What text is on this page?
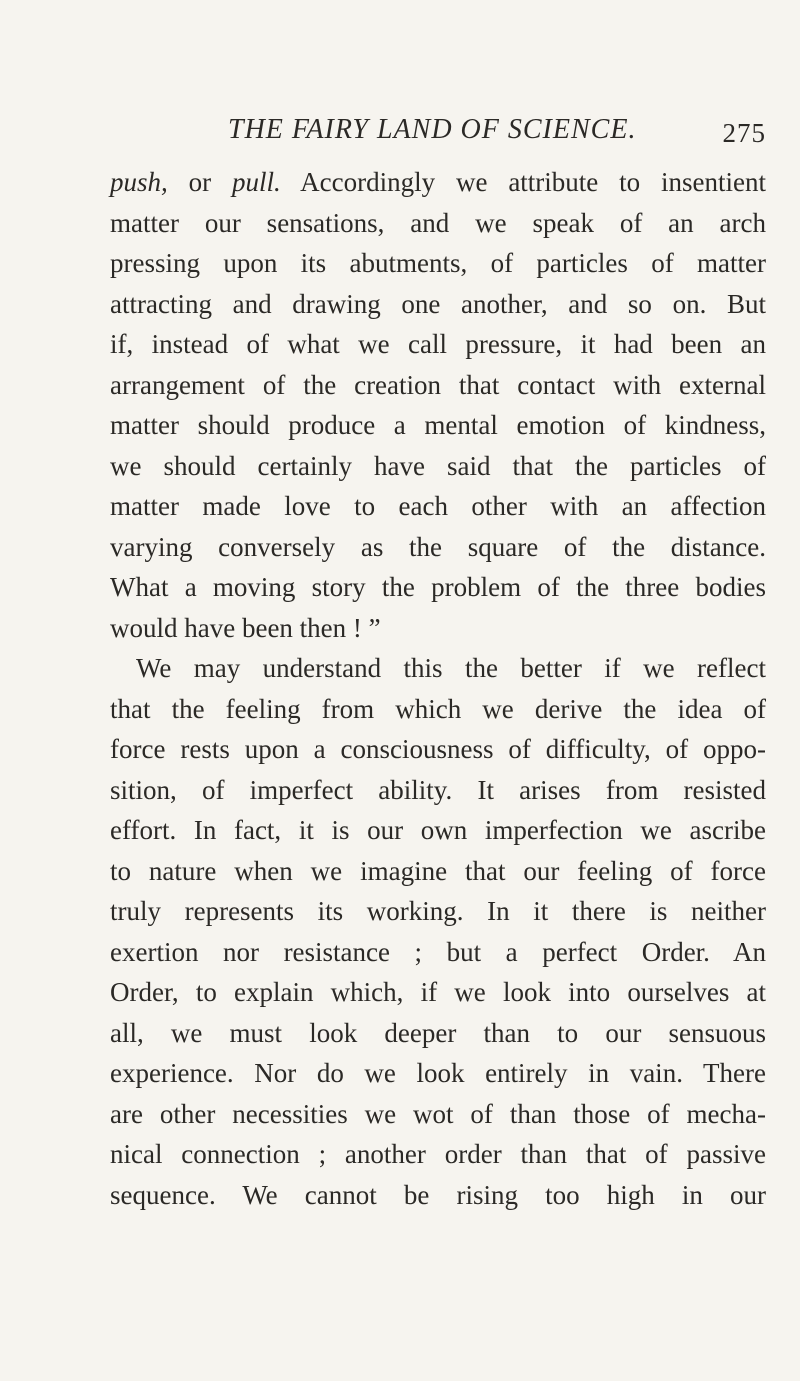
THE FAIRY LAND OF SCIENCE.	275
push, or pull. Accordingly we attribute to insentient
matter our sensations, and we speak of an arch
pressing upon its abutments, of particles of matter
attracting and drawing one another, and so on. But
if, instead of what we call pressure, it had been an
arrangement of the creation that contact with external
matter should produce a mental emotion of kindness,
we should certainly have said that the particles of
matter made love to each other with an affection
varying conversely as the square of the distance.
What a moving story the problem of the three bodies
would have been then ! ”
We may understand this the better if we reflect
that the feeling from which we derive the idea of
force rests upon a consciousness of difficulty, of oppo-
sition, of imperfect ability. It arises from resisted
effort. In fact, it is our own imperfection we ascribe
to nature when we imagine that our feeling of force
truly represents its working. In it there is neither
exertion nor resistance ; but a perfect Order. An
Order, to explain which, if we look into ourselves at
all, we must look deeper than to our sensuous
experience. Nor do we look entirely in vain. There
are other necessities we wot of than those of mecha-
nical connection ; another order than that of passive
sequence. We cannot be rising too high in our
